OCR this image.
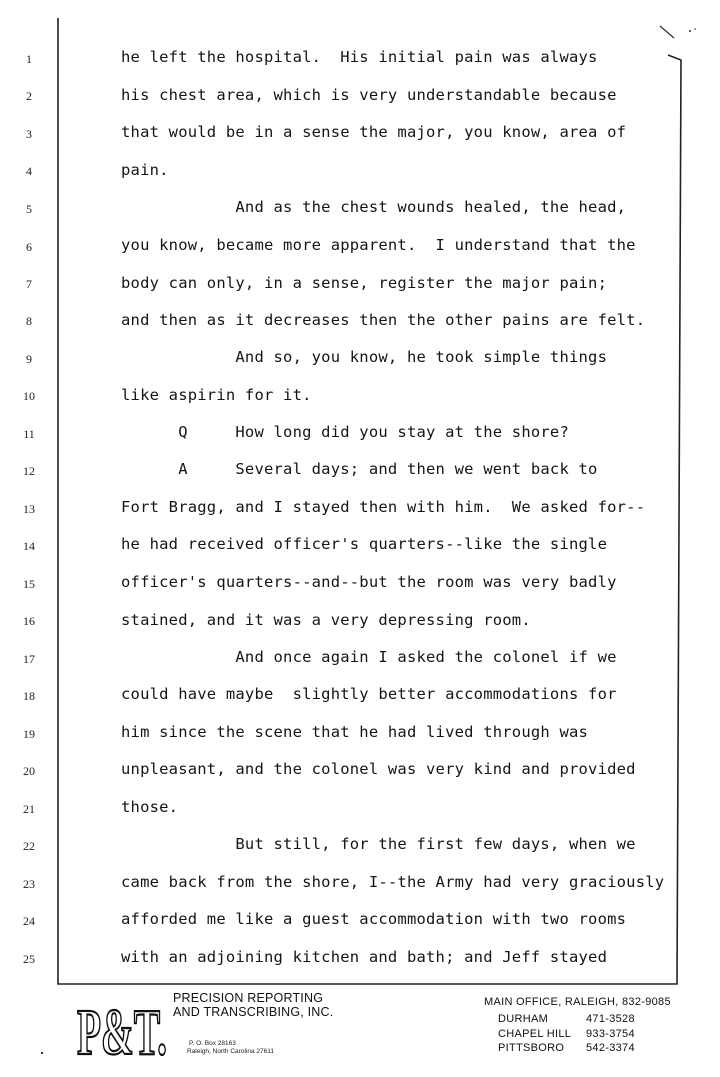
1
2
3
4
5
6
7
8
9
10
11
12
13
14
15
16
17
18
19
20
21
22
23
24
25
he left the hospital.  His initial pain was always
his chest area, which is very understandable because
that would be in a sense the major, you know, area of
pain.
And as the chest wounds healed, the head,
you know, became more apparent.  I understand that the
body can only, in a sense, register the major pain;
and then as it decreases then the other pains are felt.
And so, you know, he took simple things
like aspirin for it.
Q     How long did you stay at the shore?
A     Several days; and then we went back to
Fort Bragg, and I stayed then with him.  We asked for--
he had received officer's quarters--like the single
officer's quarters--and--but the room was very badly
stained, and it was a very depressing room.
And once again I asked the colonel if we
could have maybe  slightly better accommodations for
him since the scene that he had lived through was
unpleasant, and the colonel was very kind and provided
those.
But still, for the first few days, when we
came back from the shore, I--the Army had very graciously
afforded me like a guest accommodation with two rooms
with an adjoining kitchen and bath; and Jeff stayed
P&T. PRECISION REPORTING
AND TRANSCRIBING, INC.
P. O. Box 28163
Raleigh, North Carolina 27611
MAIN OFFICE, RALEIGH, 832-9085
DURHAM	471-3528
CHAPEL HILL 933-3754
PITTSBORO 542-3374
